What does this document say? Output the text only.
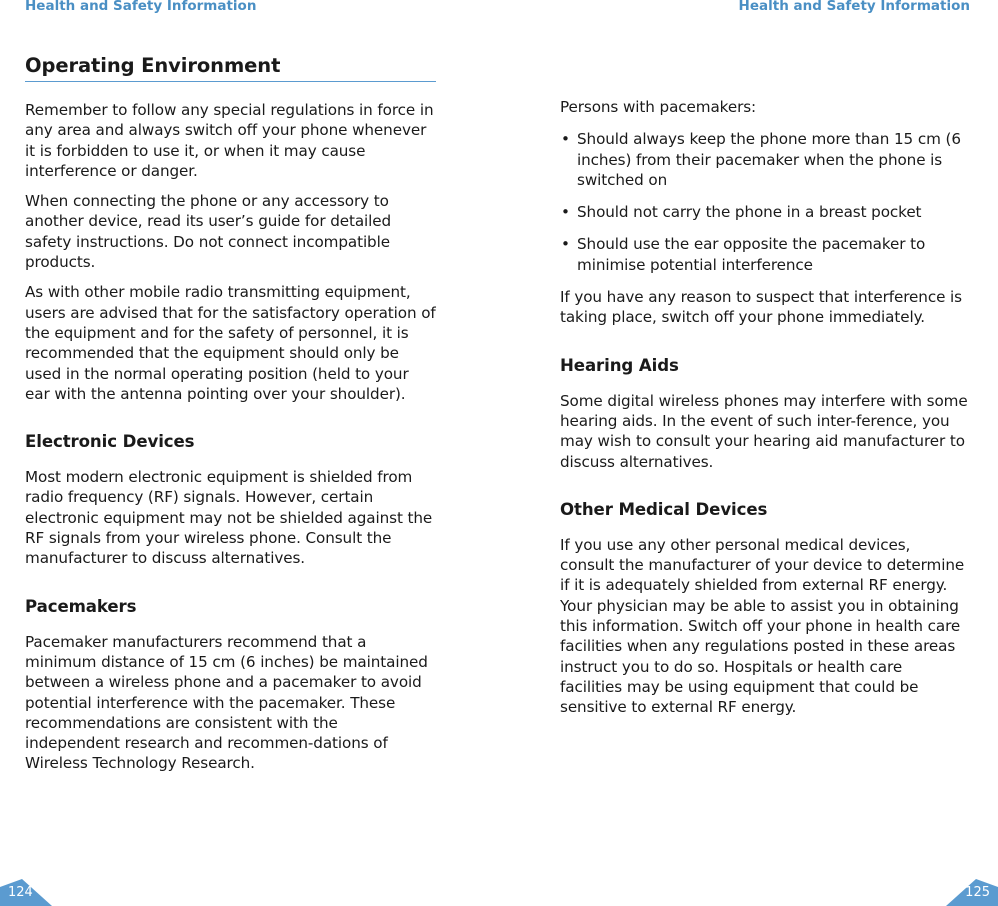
Health and Safety Information
Operating Environment

Remember to follow any special regulations in force in any area and always switch off your phone whenever it is forbidden to use it, or when it may cause interference or danger.

When connecting the phone or any accessory to another device, read its user’s guide for detailed safety instructions. Do not connect incompatible products.

As with other mobile radio transmitting equipment, users are advised that for the satisfactory operation of the equipment and for the safety of personnel, it is recommended that the equipment should only be used in the normal operating position (held to your ear with the antenna pointing over your shoulder).

Electronic Devices

Most modern electronic equipment is shielded from radio frequency (RF) signals. However, certain electronic equipment may not be shielded against the RF signals from your wireless phone. Consult the manufacturer to discuss alternatives.

Pacemakers

Pacemaker manufacturers recommend that a minimum distance of 15 cm (6 inches) be maintained between a wireless phone and a pacemaker to avoid potential interference with the pacemaker. These recommendations are consistent with the independent research and recommen-dations of Wireless Technology Research.

124
Health and Safety Information

Persons with pacemakers:

• Should always keep the phone more than 15 cm (6 inches) from their pacemaker when the phone is switched on
• Should not carry the phone in a breast pocket
• Should use the ear opposite the pacemaker to minimise potential interference

If you have any reason to suspect that interference is taking place, switch off your phone immediately.

Hearing Aids

Some digital wireless phones may interfere with some hearing aids. In the event of such inter-ference, you may wish to consult your hearing aid manufacturer to discuss alternatives.

Other Medical Devices

If you use any other personal medical devices, consult the manufacturer of your device to determine if it is adequately shielded from external RF energy. Your physician may be able to assist you in obtaining this information. Switch off your phone in health care facilities when any regulations posted in these areas instruct you to do so. Hospitals or health care facilities may be using equipment that could be sensitive to external RF energy.

125
